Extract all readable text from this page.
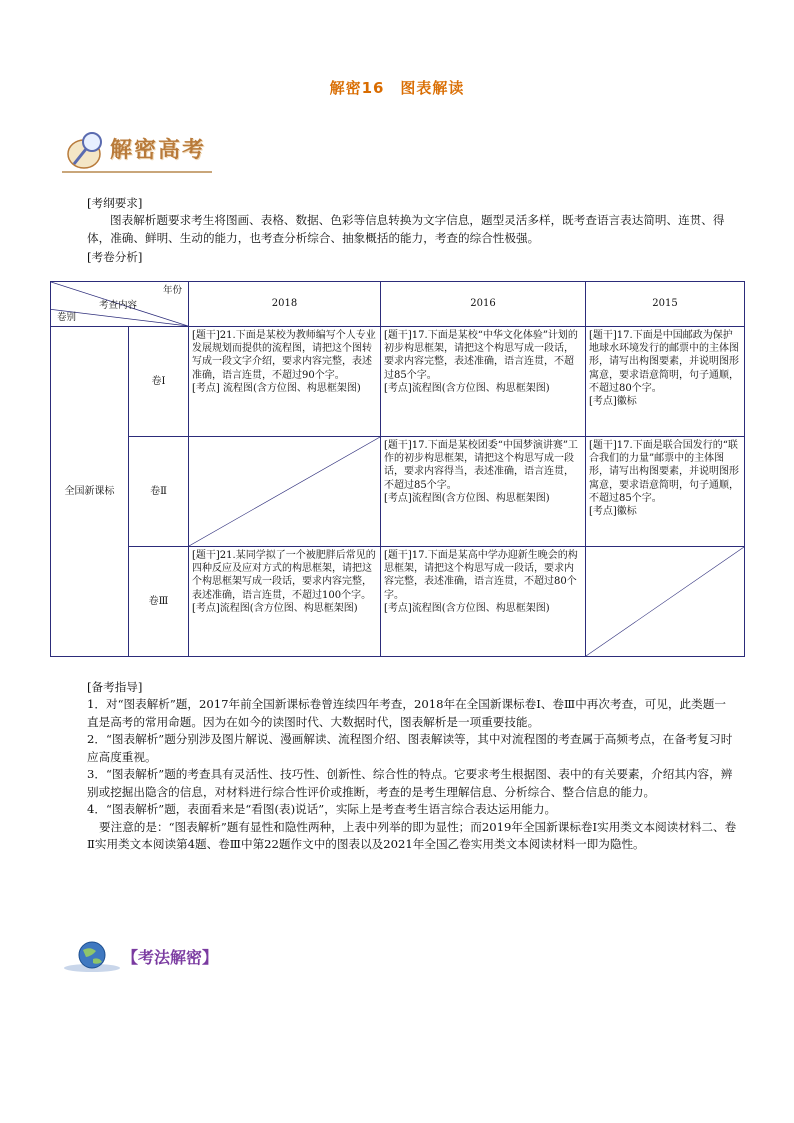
解密16　图表解读
解密高考
[考纲要求]
图表解析题要求考生将图画、表格、数据、色彩等信息转换为文字信息，题型灵活多样，既考查语言表达简明、连贯、得体，准确、鲜明、生动的能力，也考查分析综合、抽象概括的能力，考查的综合性极强。
[考卷分析]
年份
考查内容
卷别		2018	2016	2015
全国新课标	卷Ⅰ	[题干]21.下面是某校为教师编写个人专业发展规划而提供的流程图，请把这个图转写成一段文字介绍，要求内容完整，表述准确，语言连贯，不超过90个字。
[考点] 流程图(含方位图、构思框架图)	[题干]17.下面是某校“中华文化体验”计划的初步构思框架，请把这个构思写成一段话，要求内容完整，表述准确，语言连贯，不超过85个字。
[考点]流程图(含方位图、构思框架图)	[题干]17.下面是中国邮政为保护地球水环境发行的邮票中的主体图形，请写出构图要素，并说明图形寓意，要求语意简明，句子通顺，不超过80个字。
[考点]徽标
	卷Ⅱ		[题干]17.下面是某校团委“中国梦演讲赛”工作的初步构思框架，请把这个构思写成一段话，要求内容得当，表述准确，语言连贯，不超过85个字。
[考点]流程图(含方位图、构思框架图)	[题干]17.下面是联合国发行的“联合我们的力量”邮票中的主体图形，请写出构图要素，并说明图形寓意，要求语意简明，句子通顺，不超过85个字。
[考点]徽标
	卷Ⅲ	[题干]21.某同学拟了一个被肥胖后常见的四种反应及应对方式的构思框架，请把这个构思框架写成一段话，要求内容完整，表述准确，语言连贯，不超过100个字。
[考点]流程图(含方位图、构思框架图)	[题干]17.下面是某高中学办迎新生晚会的构思框架，请把这个构思写成一段话，要求内容完整，表述准确，语言连贯，不超过80个字。
[考点]流程图(含方位图、构思框架图)	
[备考指导]
1．对“图表解析”题，2017年前全国新课标卷曾连续四年考查，2018年在全国新课标卷Ⅰ、卷Ⅲ中再次考查，可见，此类题一直是高考的常用命题。因为在如今的读图时代、大数据时代，图表解析是一项重要技能。
2．“图表解析”题分别涉及图片解说、漫画解读、流程图介绍、图表解读等，其中对流程图的考查属于高频考点，在备考复习时应高度重视。
3．“图表解析”题的考查具有灵活性、技巧性、创新性、综合性的特点。它要求考生根据图、表中的有关要素，介绍其内容，辨别或挖掘出隐含的信息，对材料进行综合性评价或推断，考查的是考生理解信息、分析综合、整合信息的能力。
4．“图表解析”题，表面看来是“看图(表)说话”，实际上是考查考生语言综合表达运用能力。
要注意的是：“图表解析”题有显性和隐性两种，上表中列举的即为显性；而2019年全国新课标卷Ⅰ实用类文本阅读材料二、卷Ⅱ实用类文本阅读第4题、卷Ⅲ中第22题作文中的图表以及2021年全国乙卷实用类文本阅读材料一即为隐性。
【考法解密】
